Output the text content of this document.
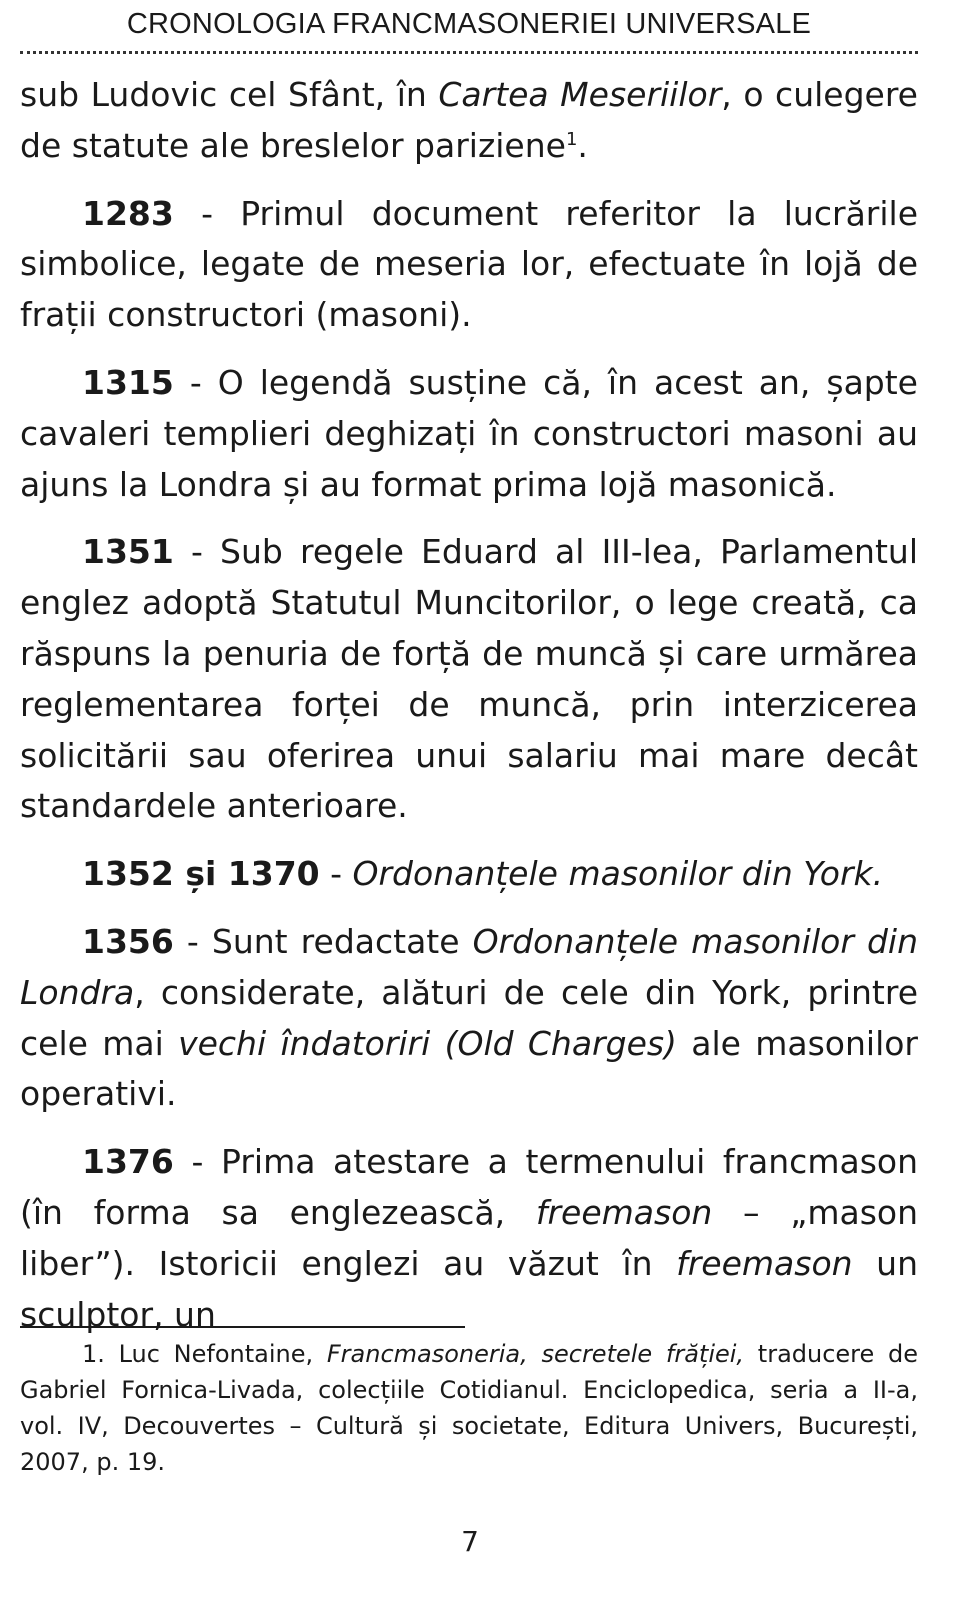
CRONOLOGIA FRANCMASONERIEI UNIVERSALE

sub Ludovic cel Sfânt, în Cartea Meseriilor, o culegere de statute ale breslelor pariziene$^1$.

1283 - Primul document referitor la lucrările simbolice, legate de meseria lor, efectuate în lojă de frații constructori (masoni).

1315 - O legendă susține că, în acest an, șapte cavaleri templieri deghizați în constructori masoni au ajuns la Londra și au format prima lojă masonică.

1351 - Sub regele Eduard al III-lea, Parlamentul englez adoptă Statutul Muncitorilor, o lege creată, ca răspuns la penuria de forță de muncă și care urmărea reglementarea forței de muncă, prin interzicerea solicitării sau oferirea unui salariu mai mare decât standardele anterioare.

1352 și 1370 - Ordonanțele masonilor din York.

1356 - Sunt redactate Ordonanțele masonilor din Londra, considerate, alături de cele din York, printre cele mai vechi îndatoriri (Old Charges) ale masonilor operativi.

1376 - Prima atestare a termenului francmason (în forma sa englezească, freemason – „mason liber”). Istoricii englezi au văzut în freemason un sculptor, un

1. Luc Nefontaine, Francmasoneria, secretele frăției, traducere de Gabriel Fornica-Livada, colecțiile Cotidianul. Enciclopedica, seria a II-a, vol. IV, Decouvertes – Cultură și societate, Editura Univers, București, 2007, p. 19.

7
